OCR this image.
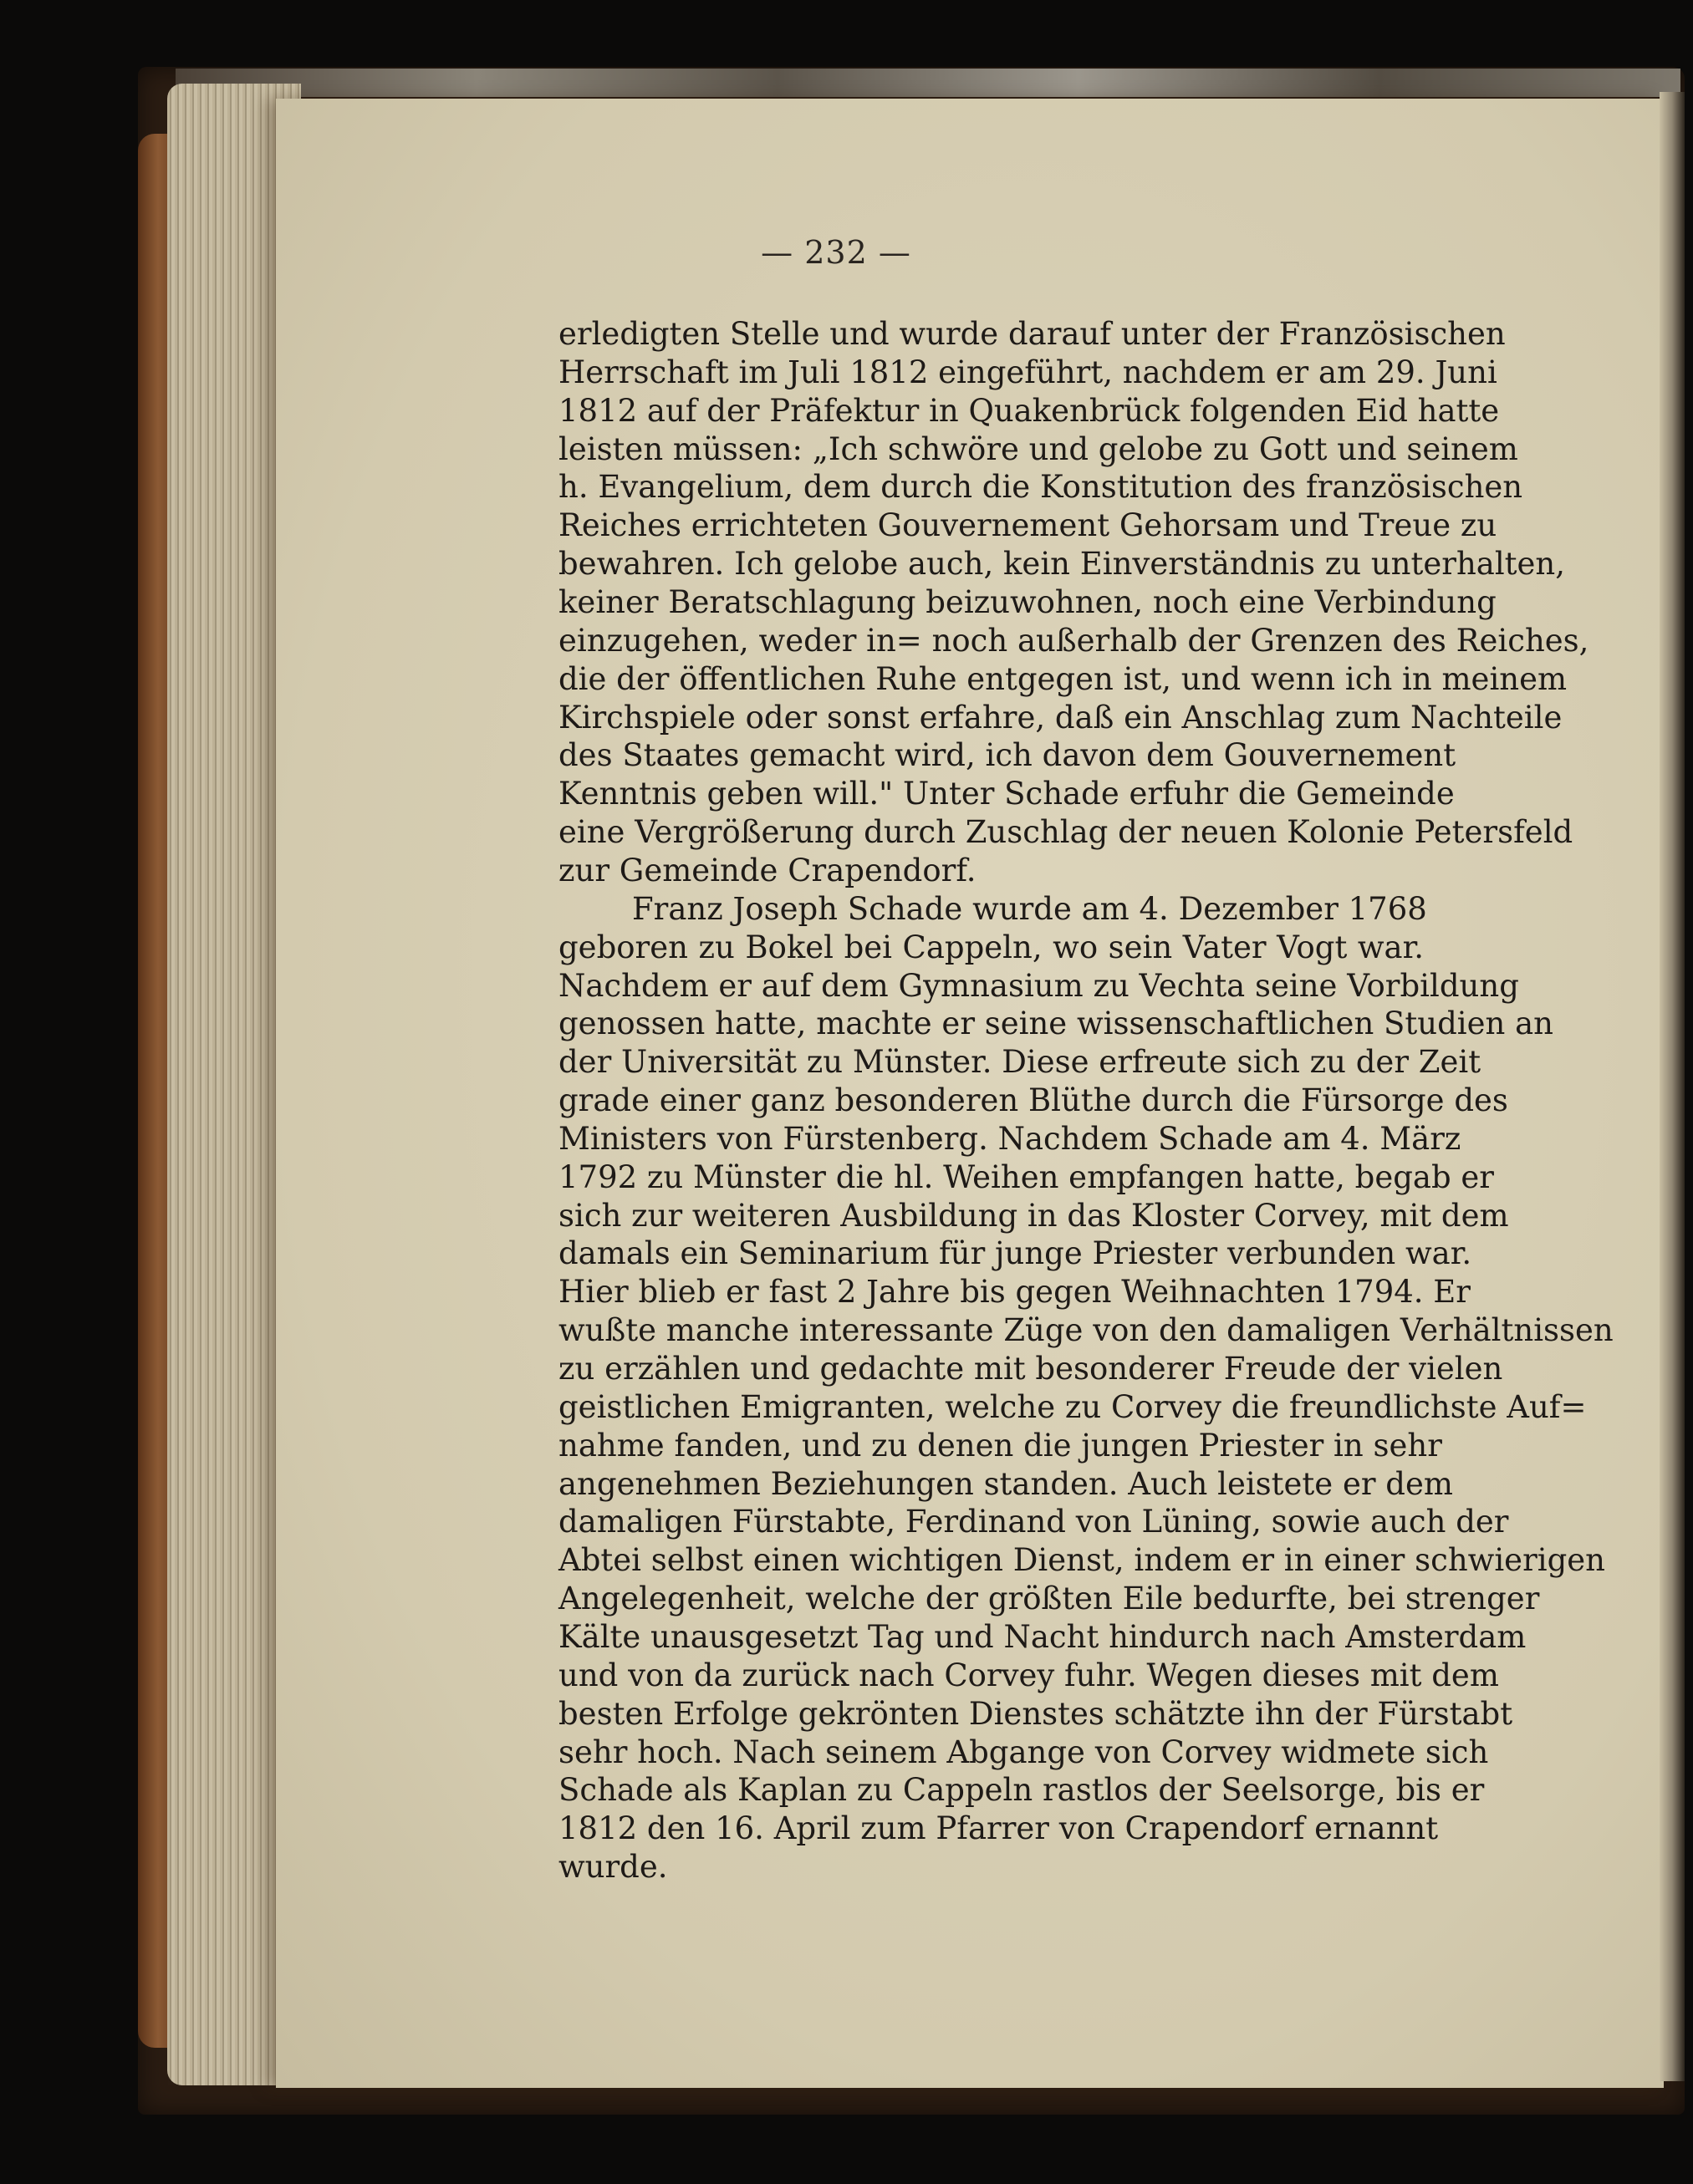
— 232 —
erledigten Stelle und wurde darauf unter der Französischen
Herrschaft im Juli 1812 eingeführt, nachdem er am 29. Juni
1812 auf der Präfektur in Quakenbrück folgenden Eid hatte
leisten müssen: „Ich schwöre und gelobe zu Gott und seinem
h. Evangelium, dem durch die Konstitution des französischen
Reiches errichteten Gouvernement Gehorsam und Treue zu
bewahren. Ich gelobe auch, kein Einverständnis zu unterhalten,
keiner Beratschlagung beizuwohnen, noch eine Verbindung
einzugehen, weder in= noch außerhalb der Grenzen des Reiches,
die der öffentlichen Ruhe entgegen ist, und wenn ich in meinem
Kirchspiele oder sonst erfahre, daß ein Anschlag zum Nachteile
des Staates gemacht wird, ich davon dem Gouvernement
Kenntnis geben will." Unter Schade erfuhr die Gemeinde
eine Vergrößerung durch Zuschlag der neuen Kolonie Petersfeld
zur Gemeinde Crapendorf.
Franz Joseph Schade wurde am 4. Dezember 1768
geboren zu Bokel bei Cappeln, wo sein Vater Vogt war.
Nachdem er auf dem Gymnasium zu Vechta seine Vorbildung
genossen hatte, machte er seine wissenschaftlichen Studien an
der Universität zu Münster. Diese erfreute sich zu der Zeit
grade einer ganz besonderen Blüthe durch die Fürsorge des
Ministers von Fürstenberg. Nachdem Schade am 4. März
1792 zu Münster die hl. Weihen empfangen hatte, begab er
sich zur weiteren Ausbildung in das Kloster Corvey, mit dem
damals ein Seminarium für junge Priester verbunden war.
Hier blieb er fast 2 Jahre bis gegen Weihnachten 1794. Er
wußte manche interessante Züge von den damaligen Verhältnissen
zu erzählen und gedachte mit besonderer Freude der vielen
geistlichen Emigranten, welche zu Corvey die freundlichste Auf=
nahme fanden, und zu denen die jungen Priester in sehr
angenehmen Beziehungen standen. Auch leistete er dem
damaligen Fürstabte, Ferdinand von Lüning, sowie auch der
Abtei selbst einen wichtigen Dienst, indem er in einer schwierigen
Angelegenheit, welche der größten Eile bedurfte, bei strenger
Kälte unausgesetzt Tag und Nacht hindurch nach Amsterdam
und von da zurück nach Corvey fuhr. Wegen dieses mit dem
besten Erfolge gekrönten Dienstes schätzte ihn der Fürstabt
sehr hoch. Nach seinem Abgange von Corvey widmete sich
Schade als Kaplan zu Cappeln rastlos der Seelsorge, bis er
1812 den 16. April zum Pfarrer von Crapendorf ernannt
wurde.
